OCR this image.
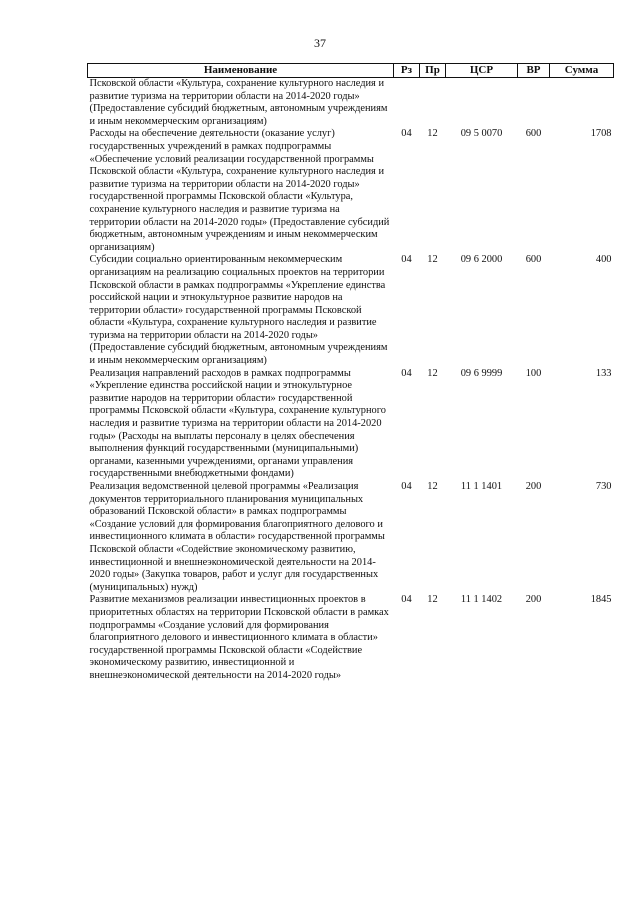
37
Наименование	Рз	Пр	ЦСР	ВР	Сумма
Псковской области «Культура, сохранение культурного наследия и развитие туризма на территории области на 2014-2020 годы» (Предоставление субсидий бюджетным, автономным учреждениям и иным некоммерческим организациям)					
Расходы на обеспечение деятельности (оказание услуг) государственных учреждений в рамках подпрограммы «Обеспечение условий реализации государственной программы Псковской области «Культура, сохранение культурного наследия и развитие туризма на территории области на 2014-2020 годы» государственной программы Псковской области «Культура, сохранение культурного наследия и развитие туризма на территории области на 2014-2020 годы» (Предоставление субсидий бюджетным, автономным учреждениям и иным некоммерческим организациям)	04	12	09 5 0070	600	1708
Субсидии социально ориентированным некоммерческим организациям на реализацию социальных проектов на территории Псковской области в рамках подпрограммы «Укрепление единства российской нации и этнокультурное развитие народов на территории области» государственной программы Псковской области «Культура, сохранение культурного наследия и развитие туризма на территории области на 2014-2020 годы» (Предоставление субсидий бюджетным, автономным учреждениям и иным некоммерческим организациям)	04	12	09 6 2000	600	400
Реализация направлений расходов в рамках подпрограммы «Укрепление единства российской нации и этнокультурное развитие народов на территории области» государственной программы Псковской области «Культура, сохранение культурного наследия и развитие туризма на территории области на 2014-2020 годы» (Расходы на выплаты персоналу в целях обеспечения выполнения функций государственными (муниципальными) органами, казенными учреждениями, органами управления государственными внебюджетными фондами)	04	12	09 6 9999	100	133
Реализация ведомственной целевой программы «Реализация документов территориального планирования муниципальных образований Псковской области» в рамках подпрограммы «Создание условий для формирования благоприятного делового и инвестиционного климата в области» государственной программы Псковской области «Содействие экономическому развитию, инвестиционной и внешнеэкономической деятельности на 2014-2020 годы» (Закупка товаров, работ и услуг для государственных (муниципальных) нужд)	04	12	11 1 1401	200	730
Развитие механизмов реализации инвестиционных проектов в приоритетных областях на территории Псковской области в рамках подпрограммы «Создание условий для формирования благоприятного делового и инвестиционного климата в области» государственной программы Псковской области «Содействие экономическому развитию, инвестиционной и внешнеэкономической деятельности на 2014-2020 годы»	04	12	11 1 1402	200	1845
